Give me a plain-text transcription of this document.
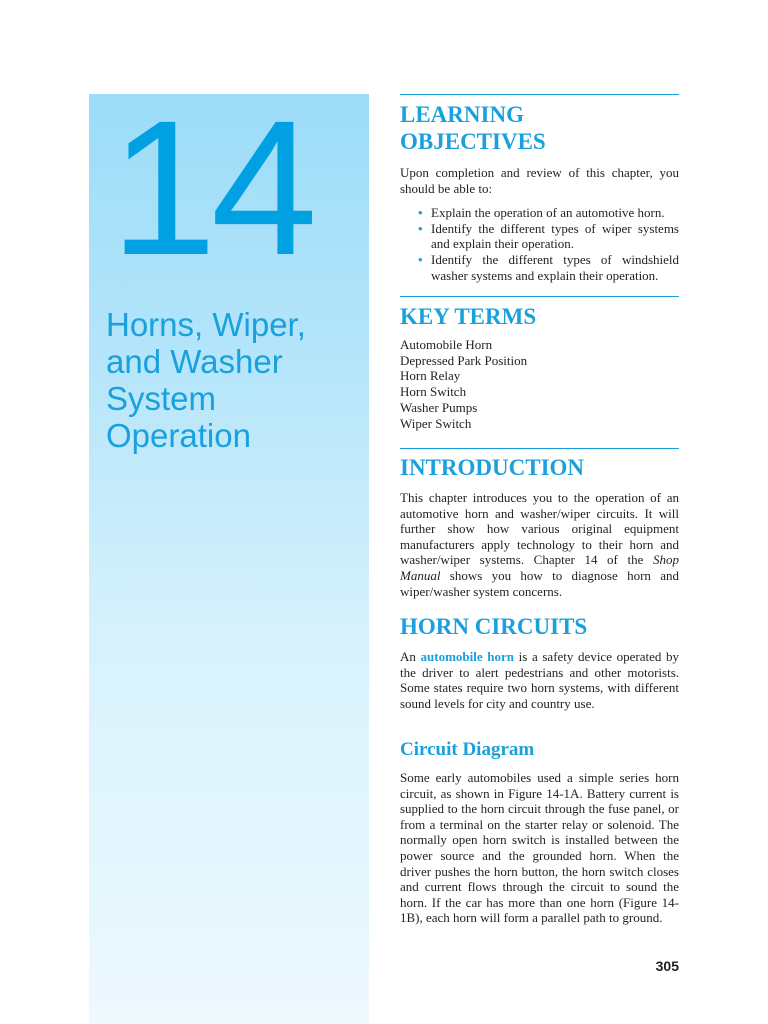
14
Horns, Wiper,
and Washer
System
Operation
LEARNING
OBJECTIVES

Upon completion and review of this chapter, you should be able to:

• Explain the operation of an automotive horn.
• Identify the different types of wiper systems and explain their operation.
• Identify the different types of windshield washer systems and explain their operation.
KEY TERMS
Automobile Horn
Depressed Park Position
Horn Relay
Horn Switch
Washer Pumps
Wiper Switch
INTRODUCTION

This chapter introduces you to the operation of an automotive horn and washer/wiper circuits. It will further show how various original equipment manufacturers apply technology to their horn and washer/wiper systems. Chapter 14 of the Shop Manual shows you how to diagnose horn and wiper/washer system concerns.

HORN CIRCUITS

An automobile horn is a safety device operated by the driver to alert pedestrians and other motorists. Some states require two horn systems, with different sound levels for city and country use.

Circuit Diagram

Some early automobiles used a simple series horn circuit, as shown in Figure 14-1A. Battery current is supplied to the horn circuit through the fuse panel, or from a terminal on the starter relay or solenoid. The normally open horn switch is installed between the power source and the grounded horn. When the driver pushes the horn button, the horn switch closes and current flows through the circuit to sound the horn. If the car has more than one horn (Figure 14-1B), each horn will form a parallel path to ground.

305
